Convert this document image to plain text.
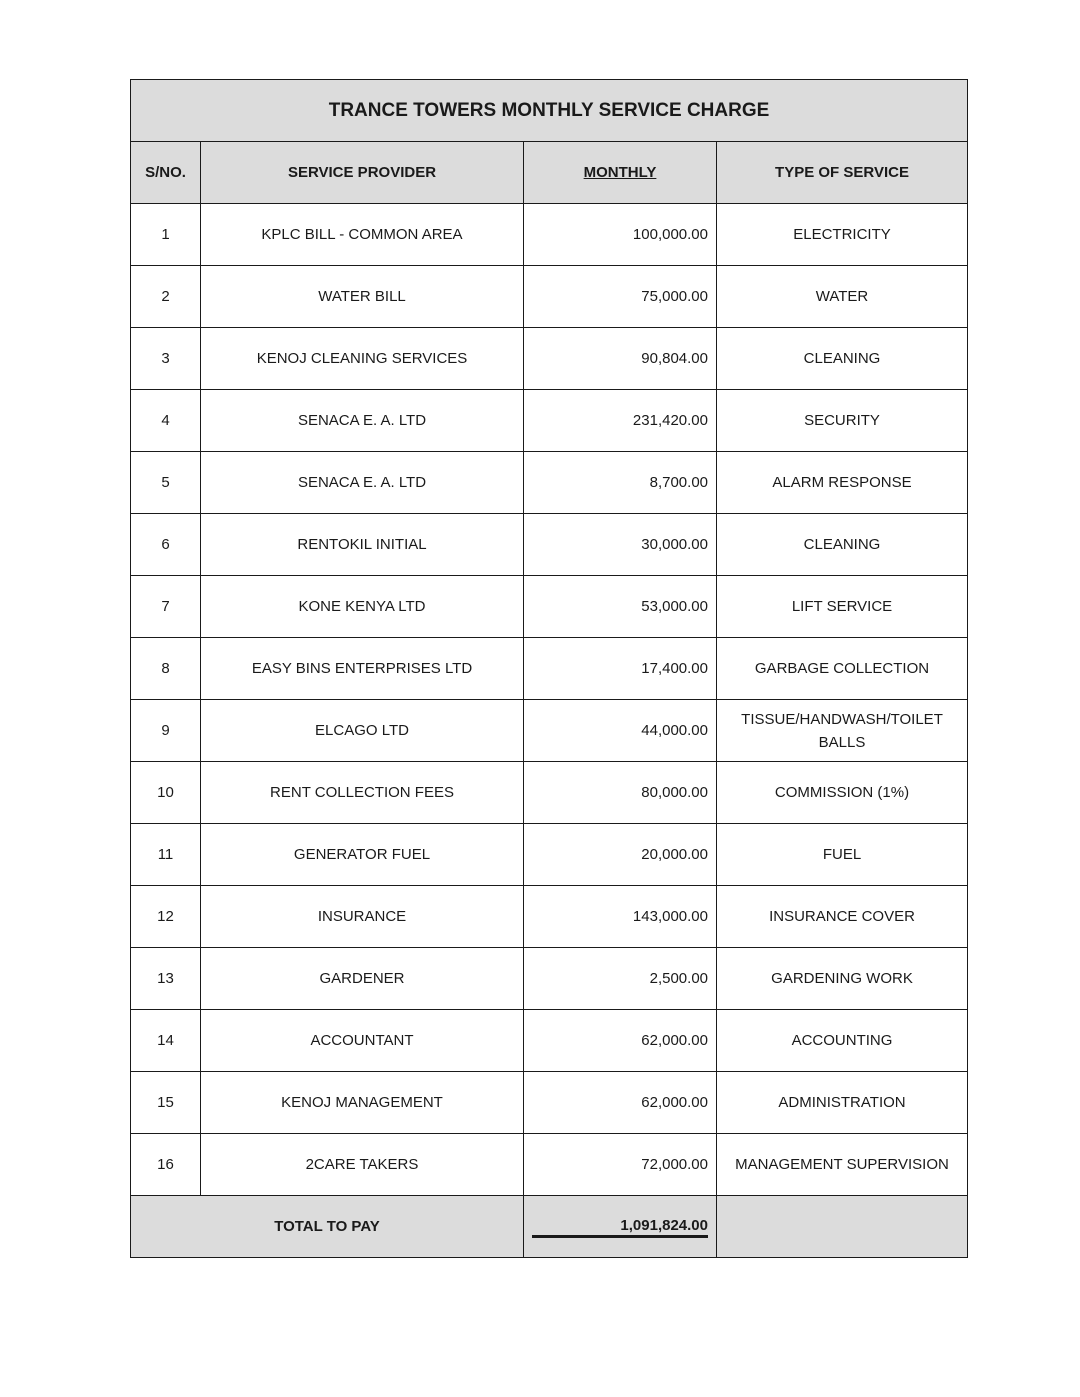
TRANCE TOWERS MONTHLY SERVICE CHARGE			
S/NO.	SERVICE PROVIDER	MONTHLY	TYPE OF SERVICE
1	KPLC BILL - COMMON AREA	100,000.00	ELECTRICITY
2	WATER BILL	75,000.00	WATER
3	KENOJ CLEANING SERVICES	90,804.00	CLEANING
4	SENACA E. A. LTD	231,420.00	SECURITY
5	SENACA E. A. LTD	8,700.00	ALARM RESPONSE
6	RENTOKIL INITIAL	30,000.00	CLEANING
7	KONE KENYA LTD	53,000.00	LIFT SERVICE
8	EASY BINS ENTERPRISES LTD	17,400.00	GARBAGE COLLECTION
9	ELCAGO LTD	44,000.00	TISSUE/HANDWASH/TOILET BALLS
10	RENT COLLECTION FEES	80,000.00	COMMISSION (1%)
11	GENERATOR FUEL	20,000.00	FUEL
12	INSURANCE	143,000.00	INSURANCE COVER
13	GARDENER	2,500.00	GARDENING WORK
14	ACCOUNTANT	62,000.00	ACCOUNTING
15	KENOJ MANAGEMENT	62,000.00	ADMINISTRATION
16	2CARE TAKERS	72,000.00	MANAGEMENT SUPERVISION
TOTAL TO PAY		1,091,824.00
